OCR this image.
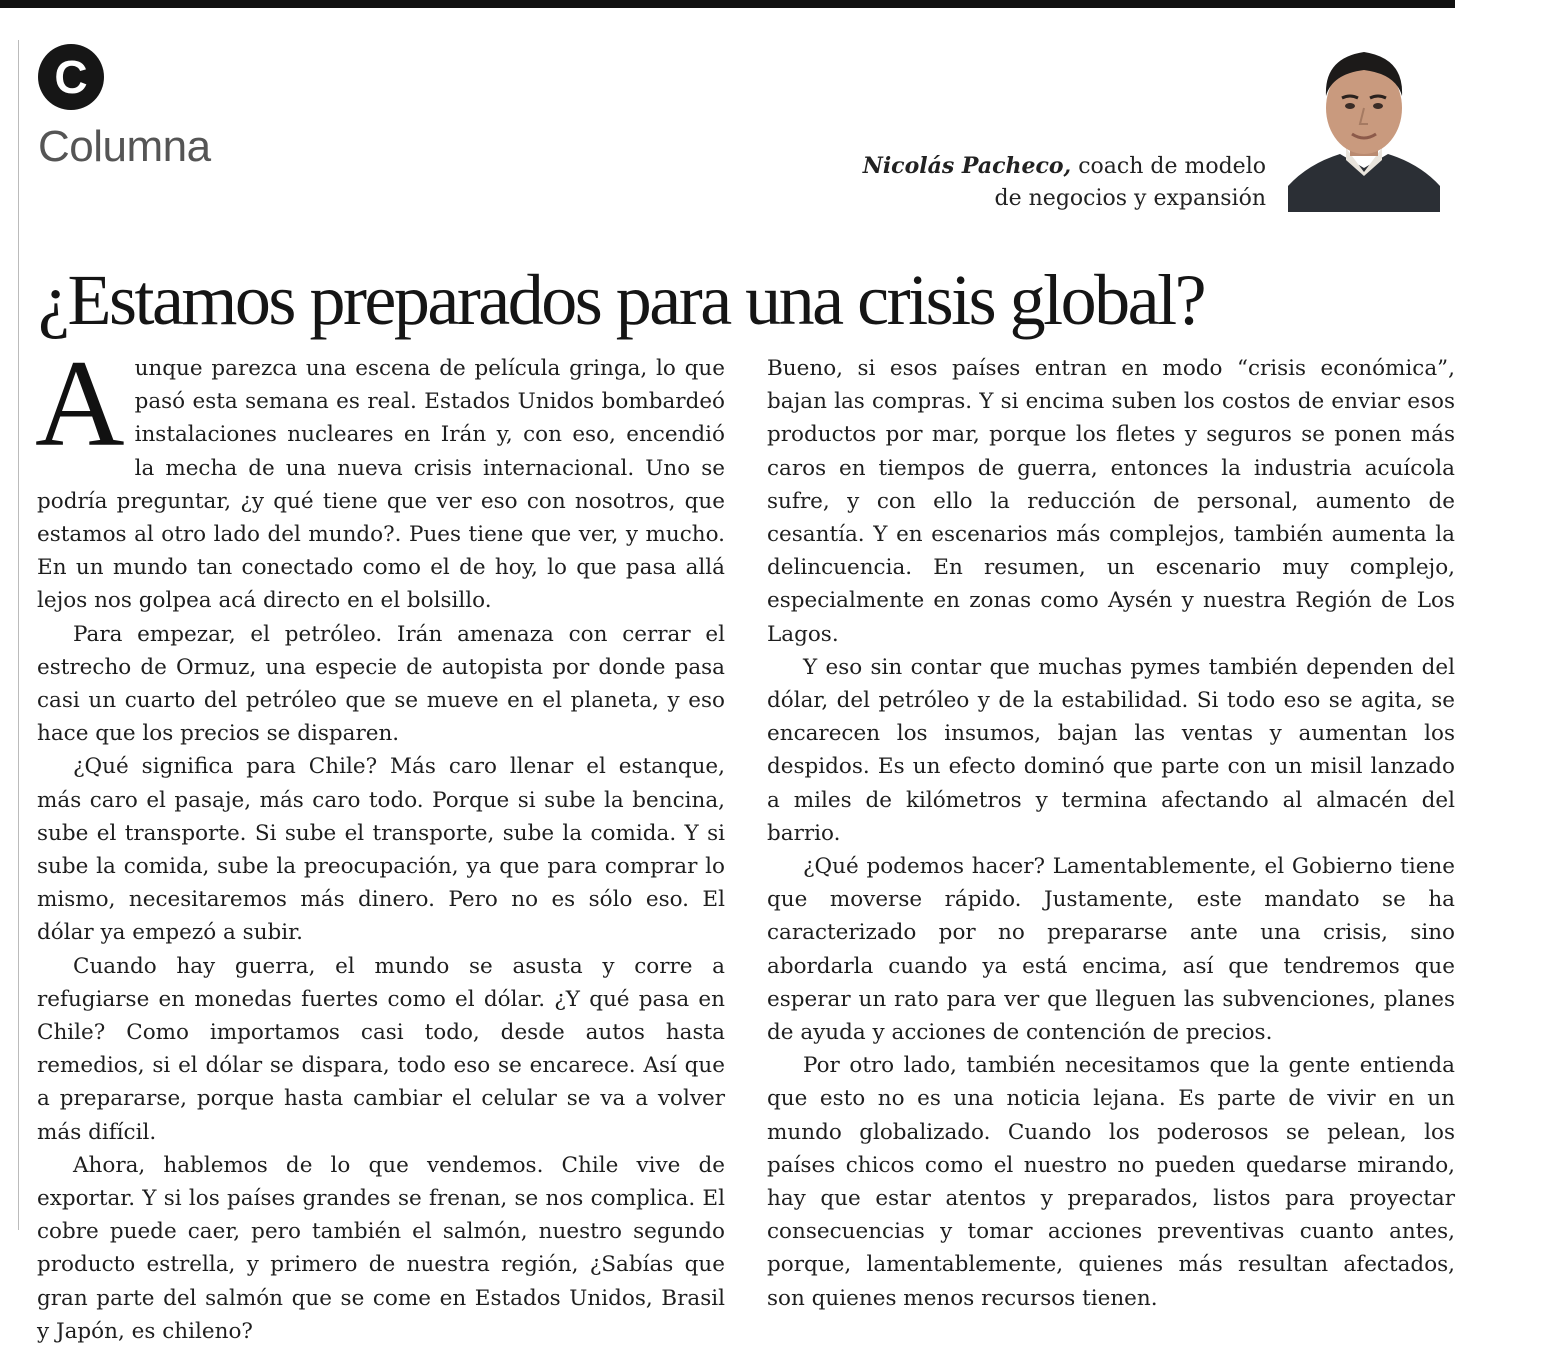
C
Columna	Nicolás Pacheco, coach de modelo
de negocios y expansión
¿Estamos preparados para una crisis global?

Aunque parezca una escena de película gringa, lo que pasó esta semana es real. Estados Unidos bombardeó instalaciones nucleares en Irán y, con eso, encendió la mecha de una nueva crisis internacional. Uno se podría preguntar, ¿y qué tiene que ver eso con nosotros, que estamos al otro lado del mundo?. Pues tiene que ver, y mucho. En un mundo tan conectado como el de hoy, lo que pasa allá lejos nos golpea acá directo en el bolsillo.

Para empezar, el petróleo. Irán amenaza con cerrar el estrecho de Ormuz, una especie de autopista por donde pasa casi un cuarto del petróleo que se mueve en el planeta, y eso hace que los precios se disparen.

¿Qué significa para Chile? Más caro llenar el estanque, más caro el pasaje, más caro todo. Porque si sube la bencina, sube el transporte. Si sube el transporte, sube la comida. Y si sube la comida, sube la preocupación, ya que para comprar lo mismo, necesitaremos más dinero. Pero no es sólo eso. El dólar ya empezó a subir.

Cuando hay guerra, el mundo se asusta y corre a refugiarse en monedas fuertes como el dólar. ¿Y qué pasa en Chile? Como importamos casi todo, desde autos hasta remedios, si el dólar se dispara, todo eso se encarece. Así que a prepararse, porque hasta cambiar el celular se va a volver más difícil.

Ahora, hablemos de lo que vendemos. Chile vive de exportar. Y si los países grandes se frenan, se nos complica. El cobre puede caer, pero también el salmón, nuestro segundo producto estrella, y primero de nuestra región, ¿Sabías que gran parte del salmón que se come en Estados Unidos, Brasil y Japón, es chileno?

Bueno, si esos países entran en modo “crisis económica”, bajan las compras. Y si encima suben los costos de enviar esos productos por mar, porque los fletes y seguros se ponen más caros en tiempos de guerra, entonces la industria acuícola sufre, y con ello la reducción de personal, aumento de cesantía. Y en escenarios más complejos, también aumenta la delincuencia. En resumen, un escenario muy complejo, especialmente en zonas como Aysén y nuestra Región de Los Lagos.

Y eso sin contar que muchas pymes también dependen del dólar, del petróleo y de la estabilidad. Si todo eso se agita, se encarecen los insumos, bajan las ventas y aumentan los despidos. Es un efecto dominó que parte con un misil lanzado a miles de kilómetros y termina afectando al almacén del barrio.

¿Qué podemos hacer? Lamentablemente, el Gobierno tiene que moverse rápido. Justamente, este mandato se ha caracterizado por no prepararse ante una crisis, sino abordarla cuando ya está encima, así que tendremos que esperar un rato para ver que lleguen las subvenciones, planes de ayuda y acciones de contención de precios.

Por otro lado, también necesitamos que la gente entienda que esto no es una noticia lejana. Es parte de vivir en un mundo globalizado. Cuando los poderosos se pelean, los países chicos como el nuestro no pueden quedarse mirando, hay que estar atentos y preparados, listos para proyectar consecuencias y tomar acciones preventivas cuanto antes, porque, lamentablemente, quienes más resultan afectados, son quienes menos recursos tienen.
